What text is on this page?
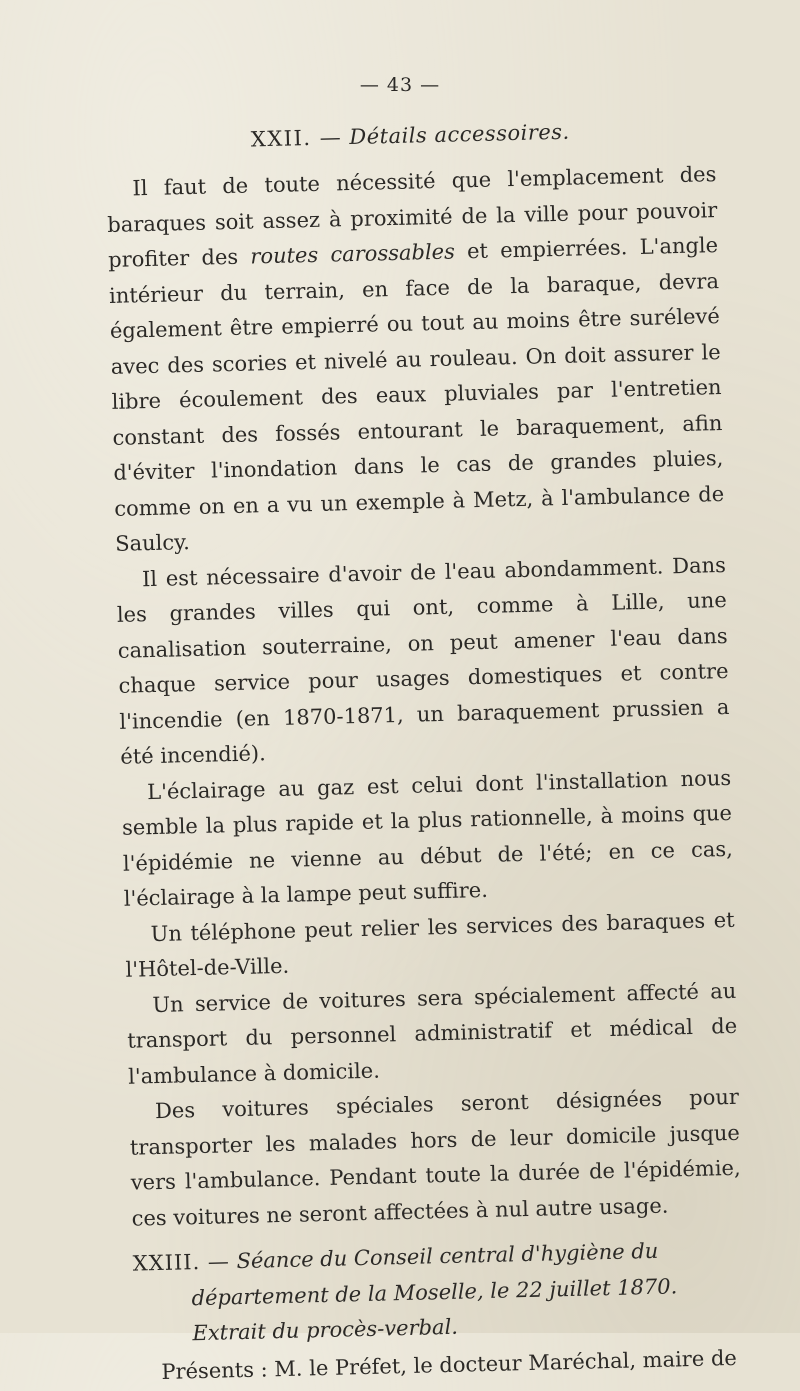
— 43 —
XXII. — Détails accessoires.

Il faut de toute nécessité que l'emplacement des baraques soit assez à proximité de la ville pour pouvoir profiter des routes carossables et empierrées. L'angle intérieur du terrain, en face de la baraque, devra également être empierré ou tout au moins être surélevé avec des scories et nivelé au rouleau. On doit assurer le libre écoulement des eaux pluviales par l'entretien constant des fossés entourant le baraquement, afin d'éviter l'inondation dans le cas de grandes pluies, comme on en a vu un exemple à Metz, à l'ambulance de Saulcy.

Il est nécessaire d'avoir de l'eau abondamment. Dans les grandes villes qui ont, comme à Lille, une canalisation souterraine, on peut amener l'eau dans chaque service pour usages domestiques et contre l'incendie (en 1870-1871, un baraquement prussien a été incendié).

L'éclairage au gaz est celui dont l'installation nous semble la plus rapide et la plus rationnelle, à moins que l'épidémie ne vienne au début de l'été; en ce cas, l'éclairage à la lampe peut suffire.

Un téléphone peut relier les services des baraques et l'Hôtel-de-Ville.

Un service de voitures sera spécialement affecté au transport du personnel administratif et médical de l'ambulance à domicile.

Des voitures spéciales seront désignées pour transporter les malades hors de leur domicile jusque vers l'ambulance. Pendant toute la durée de l'épidémie, ces voitures ne seront affectées à nul autre usage.

XXIII. — Séance du Conseil central d'hygiène du département de la Moselle, le 22 juillet 1870. Extrait du procès-verbal.

Présents : M. le Préfet, le docteur Maréchal, maire de
